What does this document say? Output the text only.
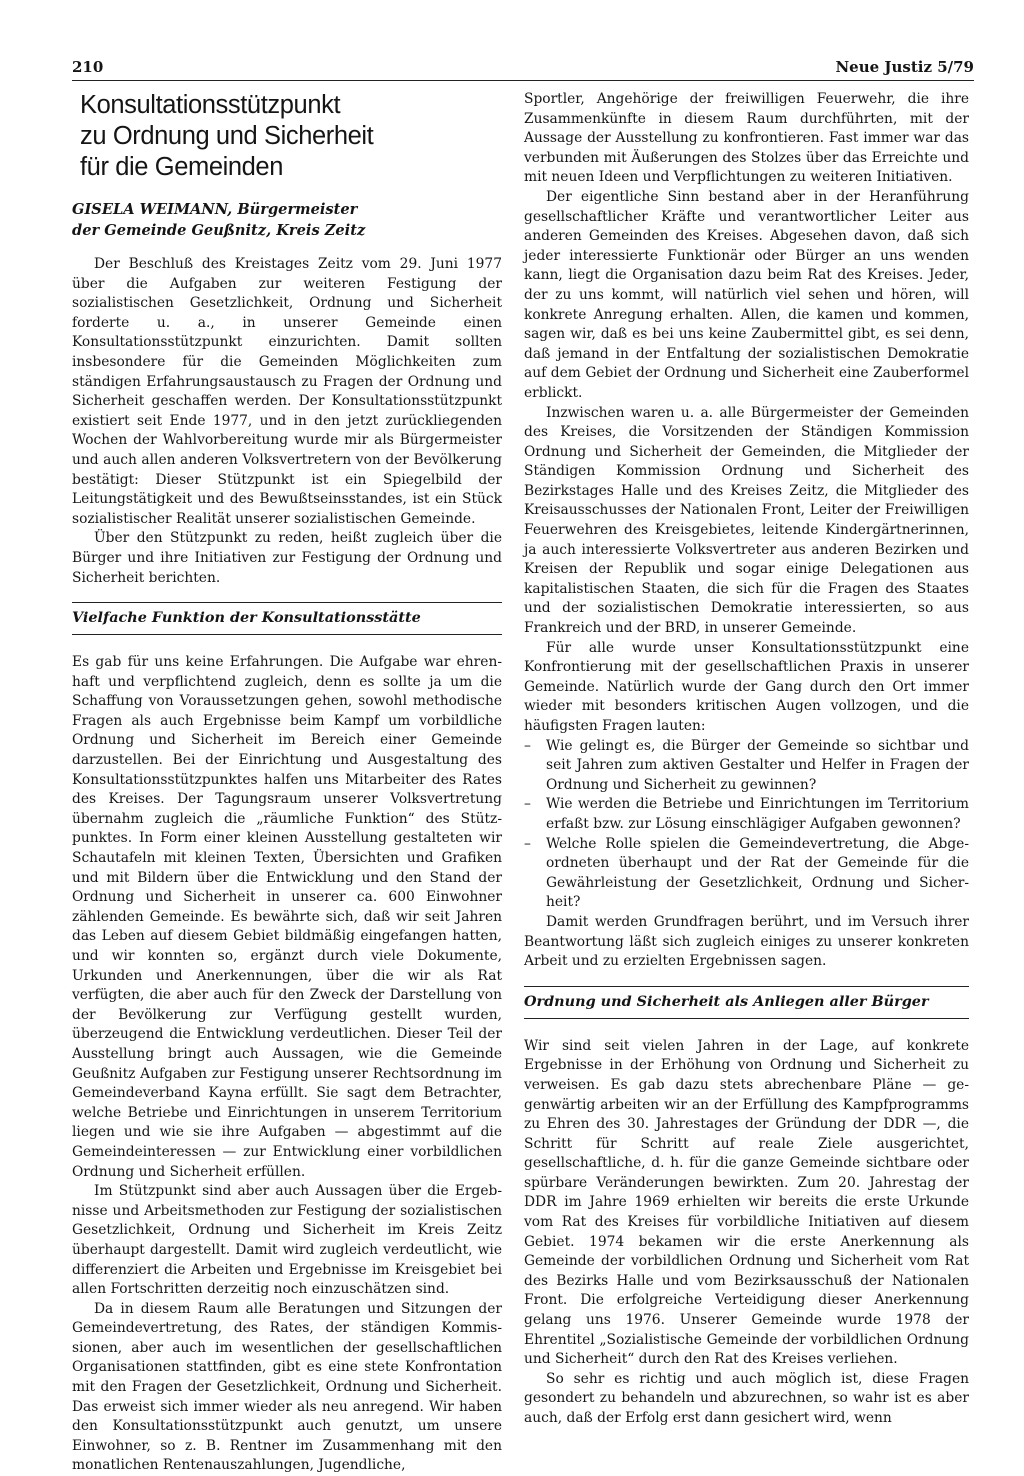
210	Neue Justiz 5/79
Konsultationsstützpunkt
zu Ordnung und Sicherheit
für die Gemeinden
GISELA WEIMANN, Bürgermeister
der Gemeinde Geußnitz, Kreis Zeitz

Der Beschluß des Kreistages Zeitz vom 29. Juni 1977 über die Aufgaben zur weiteren Festigung der sozialistischen Gesetzlichkeit, Ordnung und Sicherheit forderte u. a., in unserer Gemeinde einen Konsultationsstützpunkt einzurichten. Damit sollten insbesondere für die Gemeinden Möglichkeiten zum ständigen Erfahrungsaustausch zu Fragen der Ordnung und Sicherheit geschaffen werden. Der Konsultationsstützpunkt existiert seit Ende 1977, und in den jetzt zurückliegenden Wochen der Wahlvorbereitung wurde mir als Bürgermeister und auch allen anderen Volksvertretern von der Bevölkerung bestätigt: Dieser Stützpunkt ist ein Spiegelbild der Leitungstätigkeit und des Bewußtseinsstandes, ist ein Stück sozialistischer Realität unserer sozialistischen Gemeinde.

Über den Stützpunkt zu reden, heißt zugleich über die Bürger und ihre Initiativen zur Festigung der Ordnung und Sicherheit berichten.

Vielfache Funktion der Konsultationsstätte

Es gab für uns keine Erfahrungen. Die Aufgabe war ehrenhaft und verpflichtend zugleich, denn es sollte ja um die Schaffung von Voraussetzungen gehen, sowohl methodische Fragen als auch Ergebnisse beim Kampf um vorbildliche Ordnung und Sicherheit im Bereich einer Gemeinde darzustellen. Bei der Einrichtung und Ausgestaltung des Konsultationsstützpunktes halfen uns Mitarbeiter des Rates des Kreises. Der Tagungsraum unserer Volksvertretung übernahm zugleich die „räumliche Funktion“ des Stützpunktes. In Form einer kleinen Ausstellung gestalteten wir Schautafeln mit kleinen Texten, Übersichten und Grafiken und mit Bildern über die Entwicklung und den Stand der Ordnung und Sicherheit in unserer ca. 600 Einwohner zählenden Gemeinde. Es bewährte sich, daß wir seit Jahren das Leben auf diesem Gebiet bildmäßig eingefangen hatten, und wir konnten so, ergänzt durch viele Dokumente, Urkunden und Anerkennungen, über die wir als Rat verfügten, die aber auch für den Zweck der Darstellung von der Bevölkerung zur Verfügung gestellt wurden, überzeugend die Entwicklung verdeutlichen. Dieser Teil der Ausstellung bringt auch Aussagen, wie die Gemeinde Geußnitz Aufgaben zur Festigung unserer Rechtsordnung im Gemeindeverband Kayna erfüllt. Sie sagt dem Betrachter, welche Betriebe und Einrichtungen in unserem Territorium liegen und wie sie ihre Aufgaben — abgestimmt auf die Gemeindeinteressen — zur Entwicklung einer vorbildlichen Ordnung und Sicherheit erfüllen.

Im Stützpunkt sind aber auch Aussagen über die Ergebnisse und Arbeitsmethoden zur Festigung der sozialistischen Gesetzlichkeit, Ordnung und Sicherheit im Kreis Zeitz überhaupt dargestellt. Damit wird zugleich verdeutlicht, wie differenziert die Arbeiten und Ergebnisse im Kreisgebiet bei allen Fortschritten derzeitig noch einzuschätzen sind.

Da in diesem Raum alle Beratungen und Sitzungen der Gemeindevertretung, des Rates, der ständigen Kommissionen, aber auch im wesentlichen der gesellschaftlichen Organisationen stattfinden, gibt es eine stete Konfrontation mit den Fragen der Gesetzlichkeit, Ordnung und Sicherheit. Das erweist sich immer wieder als neu anregend. Wir haben den Konsultationsstützpunkt auch genutzt, um unsere Einwohner, so z. B. Rentner im Zusammenhang mit den monatlichen Rentenauszahlungen, Jugendliche,

Sportler, Angehörige der freiwilligen Feuerwehr, die ihre Zusammenkünfte in diesem Raum durchführten, mit der Aussage der Ausstellung zu konfrontieren. Fast immer war das verbunden mit Äußerungen des Stolzes über das Erreichte und mit neuen Ideen und Verpflichtungen zu weiteren Initiativen.

Der eigentliche Sinn bestand aber in der Heranführung gesellschaftlicher Kräfte und verantwortlicher Leiter aus anderen Gemeinden des Kreises. Abgesehen davon, daß sich jeder interessierte Funktionär oder Bürger an uns wenden kann, liegt die Organisation dazu beim Rat des Kreises. Jeder, der zu uns kommt, will natürlich viel sehen und hören, will konkrete Anregung erhalten. Allen, die kamen und kommen, sagen wir, daß es bei uns keine Zaubermittel gibt, es sei denn, daß jemand in der Entfaltung der sozialistischen Demokratie auf dem Gebiet der Ordnung und Sicherheit eine Zauberformel erblickt.

Inzwischen waren u. a. alle Bürgermeister der Gemeinden des Kreises, die Vorsitzenden der Ständigen Kommission Ordnung und Sicherheit der Gemeinden, die Mitglieder der Ständigen Kommission Ordnung und Sicherheit des Bezirkstages Halle und des Kreises Zeitz, die Mitglieder des Kreisausschusses der Nationalen Front, Leiter der Freiwilligen Feuerwehren des Kreisgebietes, leitende Kindergärtnerinnen, ja auch interessierte Volksvertreter aus anderen Bezirken und Kreisen der Republik und sogar einige Delegationen aus kapitalistischen Staaten, die sich für die Fragen des Staates und der sozialistischen Demokratie interessierten, so aus Frankreich und der BRD, in unserer Gemeinde.

Für alle wurde unser Konsultationsstützpunkt eine Konfrontierung mit der gesellschaftlichen Praxis in unserer Gemeinde. Natürlich wurde der Gang durch den Ort immer wieder mit besonders kritischen Augen vollzogen, und die häufigsten Fragen lauten:

– Wie gelingt es, die Bürger der Gemeinde so sichtbar und seit Jahren zum aktiven Gestalter und Helfer in Fragen der Ordnung und Sicherheit zu gewinnen?
– Wie werden die Betriebe und Einrichtungen im Territorium erfaßt bzw. zur Lösung einschlägiger Aufgaben gewonnen?
– Welche Rolle spielen die Gemeindevertretung, die Abgeordneten überhaupt und der Rat der Gemeinde für die Gewährleistung der Gesetzlichkeit, Ordnung und Sicherheit?

Damit werden Grundfragen berührt, und im Versuch ihrer Beantwortung läßt sich zugleich einiges zu unserer konkreten Arbeit und zu erzielten Ergebnissen sagen.

Ordnung und Sicherheit als Anliegen aller Bürger

Wir sind seit vielen Jahren in der Lage, auf konkrete Ergebnisse in der Erhöhung von Ordnung und Sicherheit zu verweisen. Es gab dazu stets abrechenbare Pläne — gegenwärtig arbeiten wir an der Erfüllung des Kampfprogramms zu Ehren des 30. Jahrestages der Gründung der DDR —, die Schritt für Schritt auf reale Ziele ausgerichtet, gesellschaftliche, d. h. für die ganze Gemeinde sichtbare oder spürbare Veränderungen bewirkten. Zum 20. Jahrestag der DDR im Jahre 1969 erhielten wir bereits die erste Urkunde vom Rat des Kreises für vorbildliche Initiativen auf diesem Gebiet. 1974 bekamen wir die erste Anerkennung als Gemeinde der vorbildlichen Ordnung und Sicherheit vom Rat des Bezirks Halle und vom Bezirksausschuß der Nationalen Front. Die erfolgreiche Verteidigung dieser Anerkennung gelang uns 1976. Unserer Gemeinde wurde 1978 der Ehrentitel „Sozialistische Gemeinde der vorbildlichen Ordnung und Sicherheit“ durch den Rat des Kreises verliehen.

So sehr es richtig und auch möglich ist, diese Fragen gesondert zu behandeln und abzurechnen, so wahr ist es aber auch, daß der Erfolg erst dann gesichert wird, wenn
